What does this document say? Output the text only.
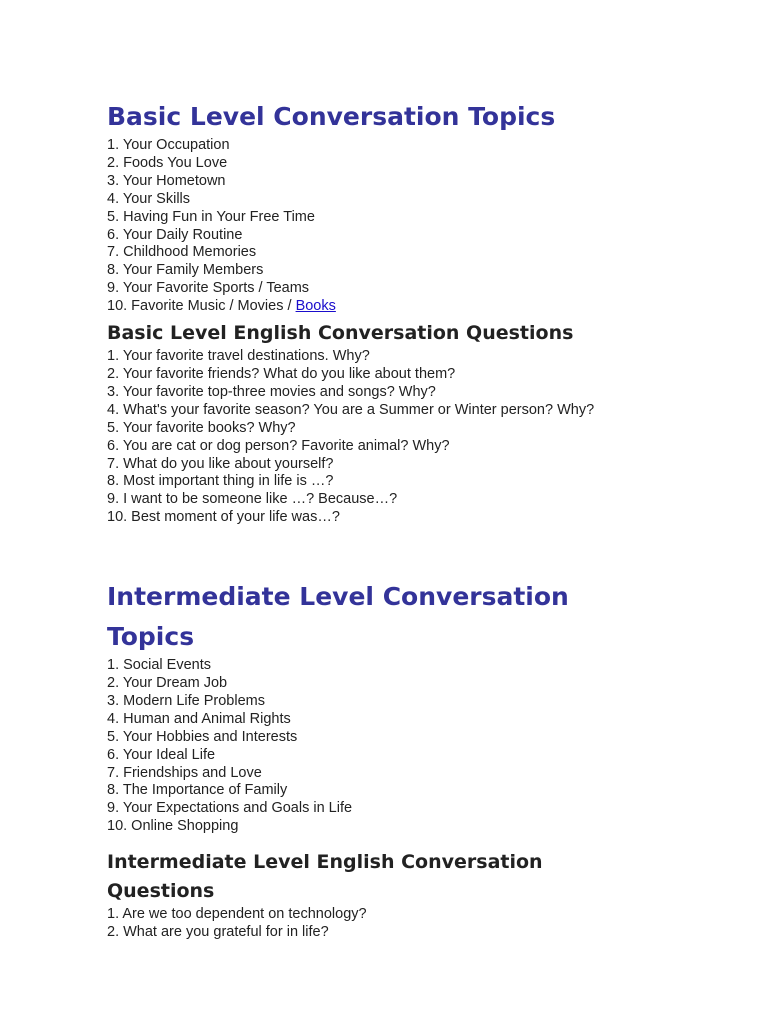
Basic Level Conversation Topics
1. Your Occupation
2. Foods You Love
3. Your Hometown
4. Your Skills
5. Having Fun in Your Free Time
6. Your Daily Routine
7. Childhood Memories
8. Your Family Members
9. Your Favorite Sports / Teams
10. Favorite Music / Movies / Books
Basic Level English Conversation Questions
1. Your favorite travel destinations. Why?
2. Your favorite friends? What do you like about them?
3. Your favorite top-three movies and songs? Why?
4. What's your favorite season? You are a Summer or Winter person? Why?
5. Your favorite books? Why?
6. You are cat or dog person? Favorite animal? Why?
7. What do you like about yourself?
8. Most important thing in life is …?
9. I want to be someone like …? Because…?
10. Best moment of your life was…?
Intermediate Level Conversation
Topics
1. Social Events
2. Your Dream Job
3. Modern Life Problems
4. Human and Animal Rights
5. Your Hobbies and Interests
6. Your Ideal Life
7. Friendships and Love
8. The Importance of Family
9. Your Expectations and Goals in Life
10. Online Shopping
Intermediate Level English Conversation
Questions
1. Are we too dependent on technology?
2. What are you grateful for in life?
